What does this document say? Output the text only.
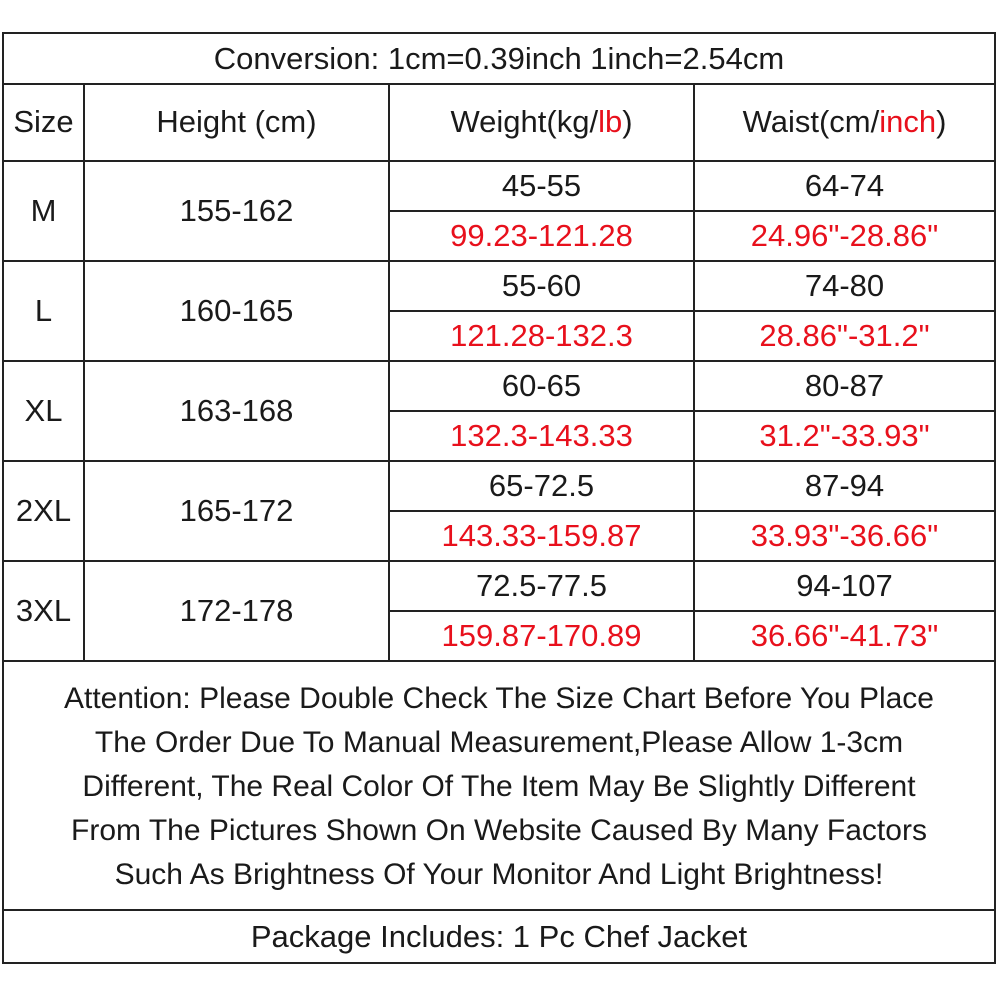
Conversion: 1cm=0.39inch 1inch=2.54cm
Size	Height (cm)	Weight(kg/lb)	Waist(cm/inch)
M	155-162	45-55	64-74
		99.23-121.28	24.96"-28.86"
L	160-165	55-60	74-80
		121.28-132.3	28.86"-31.2"
XL	163-168	60-65	80-87
		132.3-143.33	31.2"-33.93"
2XL	165-172	65-72.5	87-94
		143.33-159.87	33.93"-36.66"
3XL	172-178	72.5-77.5	94-107
		159.87-170.89	36.66"-41.73"
Attention: Please Double Check The Size Chart Before You Place
The Order Due To Manual Measurement,Please Allow 1-3cm
Different, The Real Color Of The Item May Be Slightly Different
From The Pictures Shown On Website Caused By Many Factors
Such As Brightness Of Your Monitor And Light Brightness!
Package Includes: 1 Pc Chef Jacket
